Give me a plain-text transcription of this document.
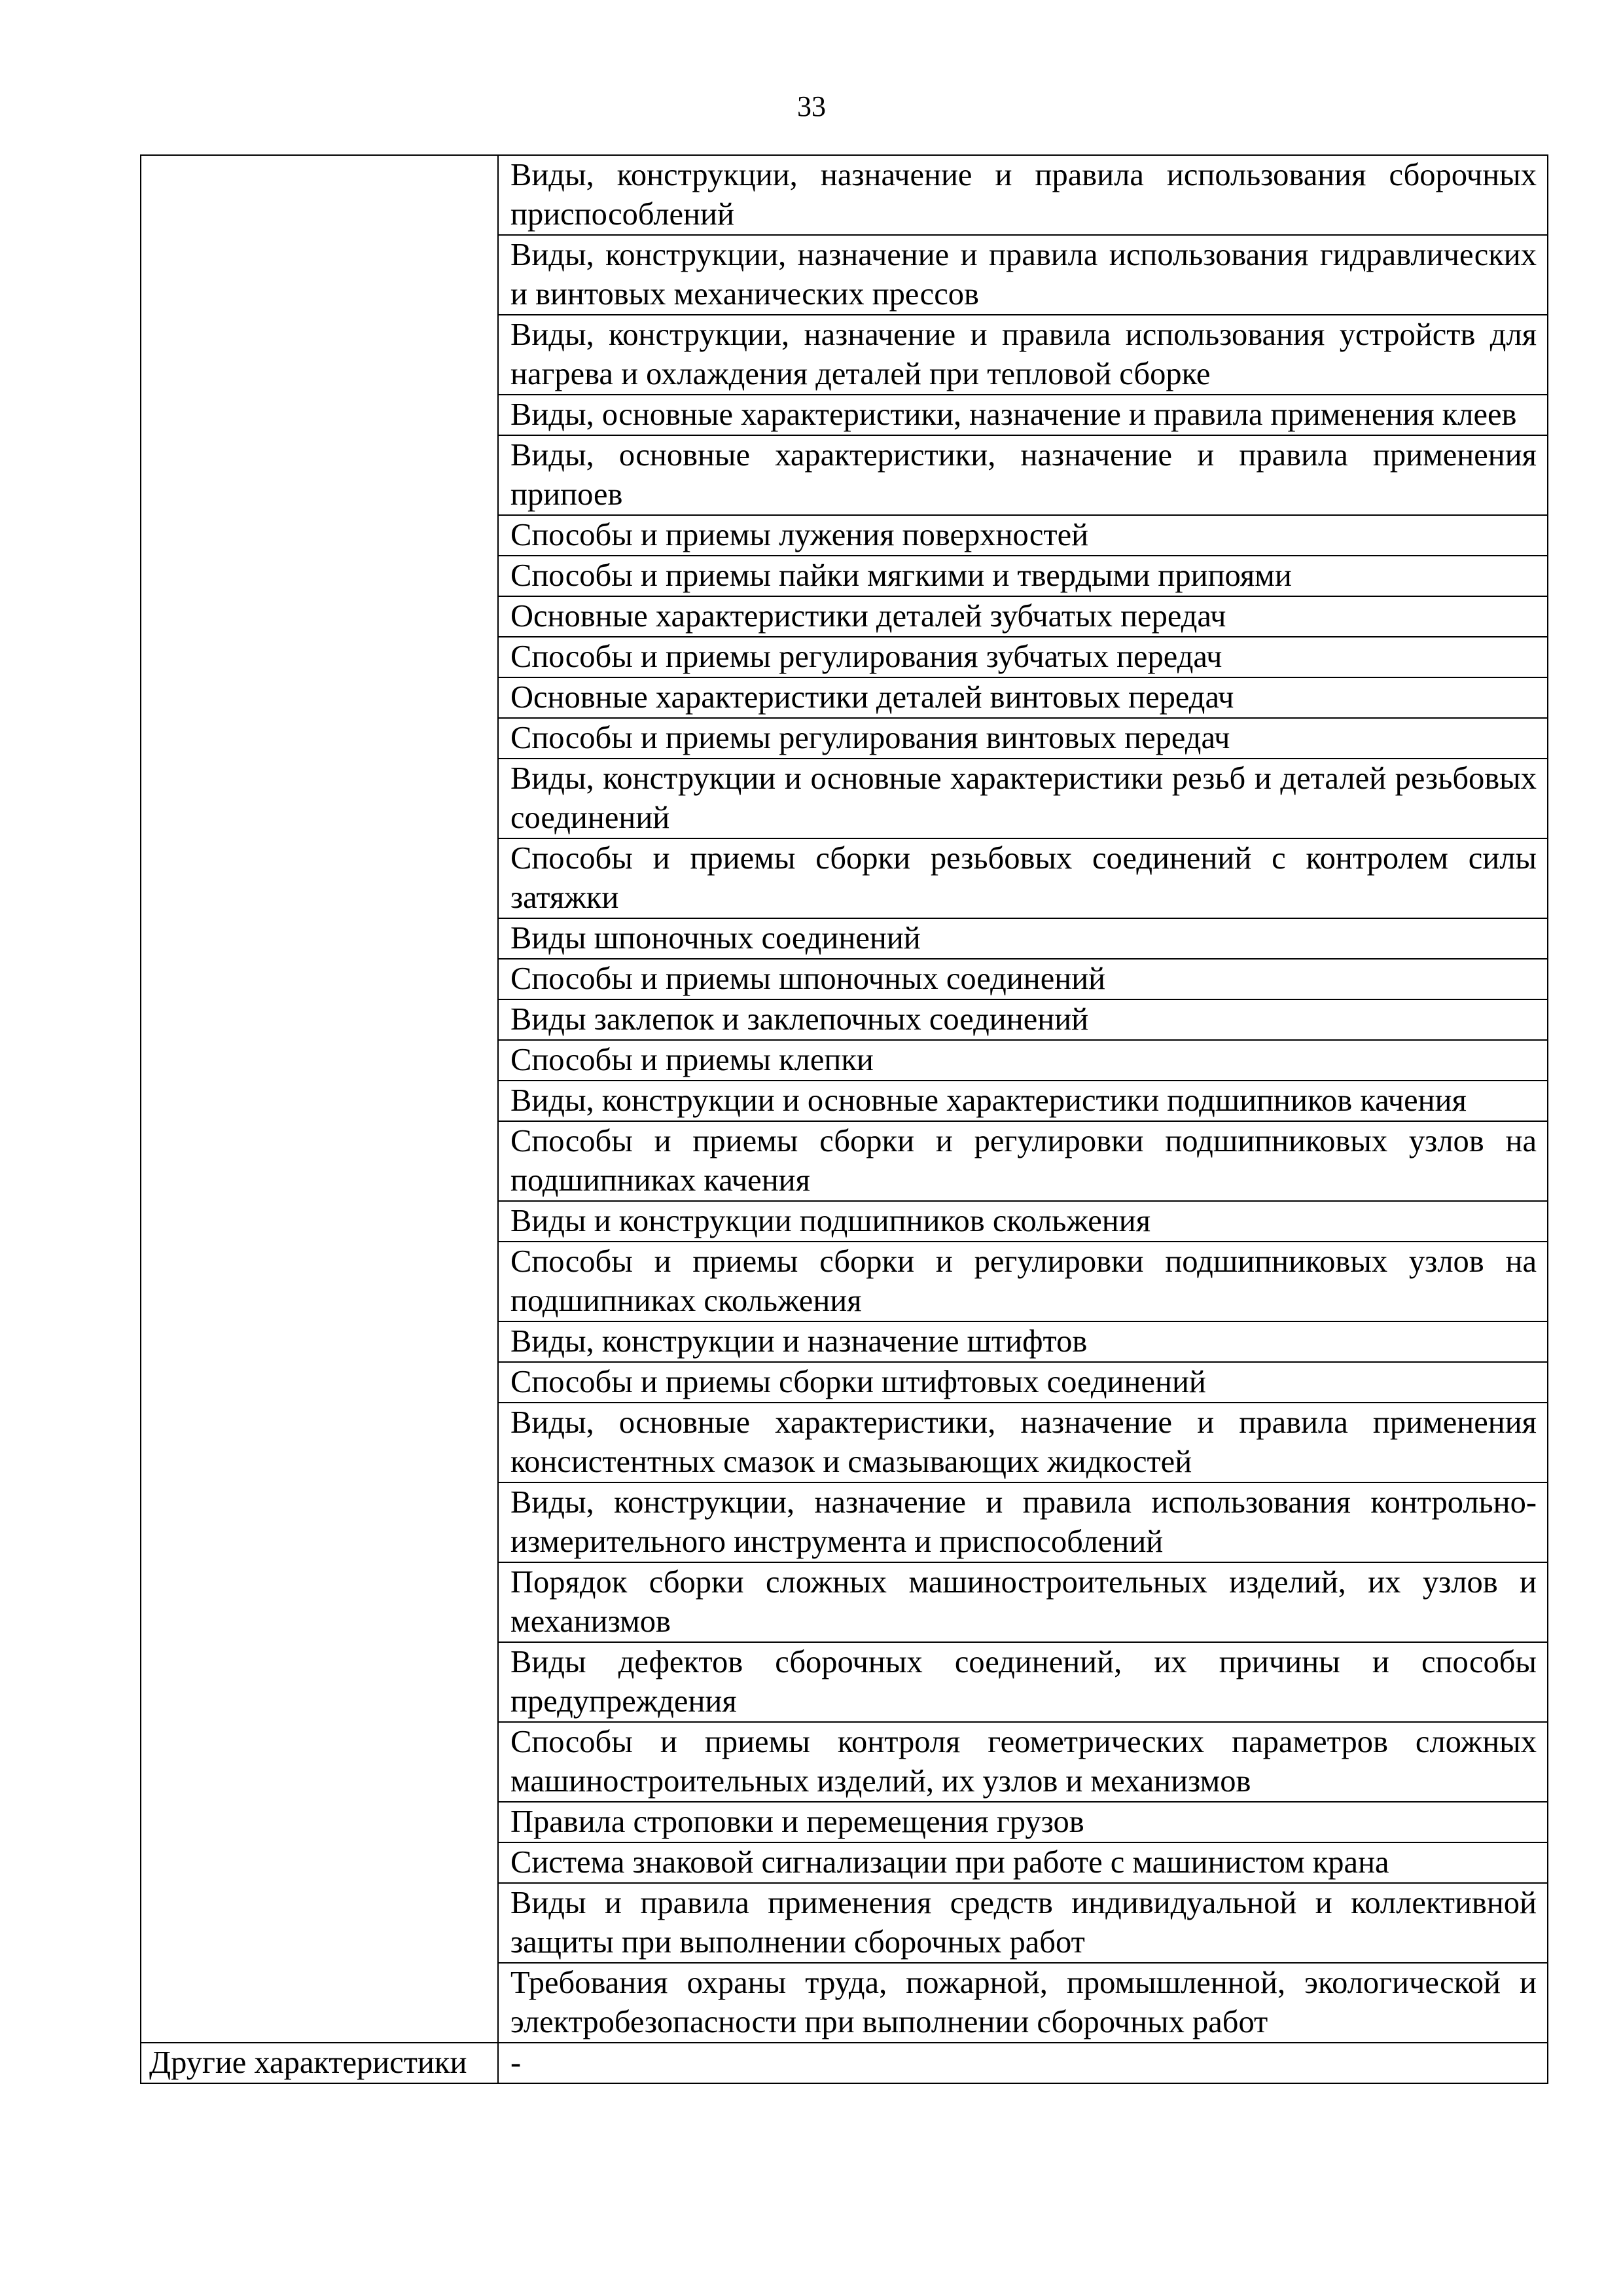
33
	Виды, конструкции, назначение и правила использования сборочных приспособлений
	Виды, конструкции, назначение и правила использования гидравлических и винтовых механических прессов
	Виды, конструкции, назначение и правила использования устройств для нагрева и охлаждения деталей при тепловой сборке
	Виды, основные характеристики, назначение и правила применения клеев
	Виды, основные характеристики, назначение и правила применения припоев
	Способы и приемы лужения поверхностей
	Способы и приемы пайки мягкими и твердыми припоями
	Основные характеристики деталей зубчатых передач
	Способы и приемы регулирования зубчатых передач
	Основные характеристики деталей винтовых передач
	Способы и приемы регулирования винтовых передач
	Виды, конструкции и основные характеристики резьб и деталей резьбовых соединений
	Способы и приемы сборки резьбовых соединений с контролем силы затяжки
	Виды шпоночных соединений
	Способы и приемы шпоночных соединений
	Виды заклепок и заклепочных соединений
	Способы и приемы клепки
	Виды, конструкции и основные характеристики подшипников качения
	Способы и приемы сборки и регулировки подшипниковых узлов на подшипниках качения
	Виды и конструкции подшипников скольжения
	Способы и приемы сборки и регулировки подшипниковых узлов на подшипниках скольжения
	Виды, конструкции и назначение штифтов
	Способы и приемы сборки штифтовых соединений
	Виды, основные характеристики, назначение и правила применения консистентных смазок и смазывающих жидкостей
	Виды, конструкции, назначение и правила использования контрольно-измерительного инструмента и приспособлений
	Порядок сборки сложных машиностроительных изделий, их узлов и механизмов
	Виды дефектов сборочных соединений, их причины и способы предупреждения
	Способы и приемы контроля геометрических параметров сложных машиностроительных изделий, их узлов и механизмов
	Правила строповки и перемещения грузов
	Система знаковой сигнализации при работе с машинистом крана
	Виды и правила применения средств индивидуальной и коллективной защиты при выполнении сборочных работ
	Требования охраны труда, пожарной, промышленной, экологической и электробезопасности при выполнении сборочных работ
Другие характеристики	-
